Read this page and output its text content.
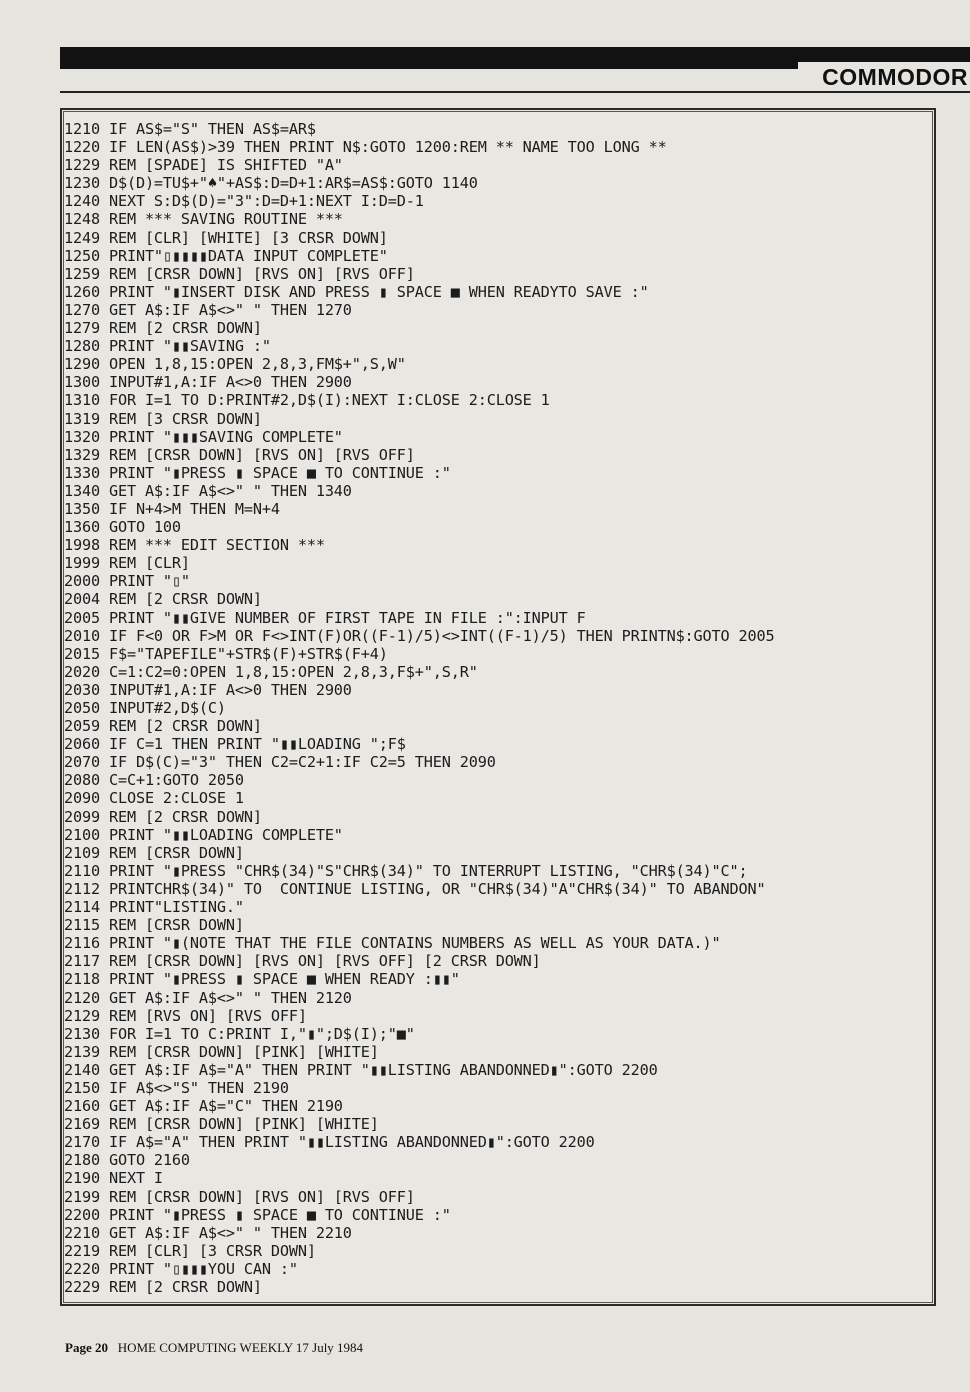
COMMODOR
1210 IF AS$="S" THEN AS$=AR$
1220 IF LEN(AS$)>39 THEN PRINT N$:GOTO 1200:REM ** NAME TOO LONG **
1229 REM [SPADE] IS SHIFTED "A"
1230 D$(D)=TU$+"♠"+AS$:D=D+1:AR$=AS$:GOTO 1140
1240 NEXT S:D$(D)="3":D=D+1:NEXT I:D=D-1
1248 REM *** SAVING ROUTINE ***
1249 REM [CLR] [WHITE] [3 CRSR DOWN]
1250 PRINT"▯▮▮▮▮DATA INPUT COMPLETE"
1259 REM [CRSR DOWN] [RVS ON] [RVS OFF]
1260 PRINT "▮INSERT DISK AND PRESS ▮ SPACE ■ WHEN READYTO SAVE :"
1270 GET A$:IF A$<>" " THEN 1270
1279 REM [2 CRSR DOWN]
1280 PRINT "▮▮SAVING :"
1290 OPEN 1,8,15:OPEN 2,8,3,FM$+",S,W"
1300 INPUT#1,A:IF A<>0 THEN 2900
1310 FOR I=1 TO D:PRINT#2,D$(I):NEXT I:CLOSE 2:CLOSE 1
1319 REM [3 CRSR DOWN]
1320 PRINT "▮▮▮SAVING COMPLETE"
1329 REM [CRSR DOWN] [RVS ON] [RVS OFF]
1330 PRINT "▮PRESS ▮ SPACE ■ TO CONTINUE :"
1340 GET A$:IF A$<>" " THEN 1340
1350 IF N+4>M THEN M=N+4
1360 GOTO 100
1998 REM *** EDIT SECTION ***
1999 REM [CLR]
2000 PRINT "▯"
2004 REM [2 CRSR DOWN]
2005 PRINT "▮▮GIVE NUMBER OF FIRST TAPE IN FILE :":INPUT F
2010 IF F<0 OR F>M OR F<>INT(F)OR((F-1)/5)<>INT((F-1)/5) THEN PRINTN$:GOTO 2005
2015 F$="TAPEFILE"+STR$(F)+STR$(F+4)
2020 C=1:C2=0:OPEN 1,8,15:OPEN 2,8,3,F$+",S,R"
2030 INPUT#1,A:IF A<>0 THEN 2900
2050 INPUT#2,D$(C)
2059 REM [2 CRSR DOWN]
2060 IF C=1 THEN PRINT "▮▮LOADING ";F$
2070 IF D$(C)="3" THEN C2=C2+1:IF C2=5 THEN 2090
2080 C=C+1:GOTO 2050
2090 CLOSE 2:CLOSE 1
2099 REM [2 CRSR DOWN]
2100 PRINT "▮▮LOADING COMPLETE"
2109 REM [CRSR DOWN]
2110 PRINT "▮PRESS "CHR$(34)"S"CHR$(34)" TO INTERRUPT LISTING, "CHR$(34)"C";
2112 PRINTCHR$(34)" TO  CONTINUE LISTING, OR "CHR$(34)"A"CHR$(34)" TO ABANDON"
2114 PRINT"LISTING."
2115 REM [CRSR DOWN]
2116 PRINT "▮(NOTE THAT THE FILE CONTAINS NUMBERS AS WELL AS YOUR DATA.)"
2117 REM [CRSR DOWN] [RVS ON] [RVS OFF] [2 CRSR DOWN]
2118 PRINT "▮PRESS ▮ SPACE ■ WHEN READY :▮▮"
2120 GET A$:IF A$<>" " THEN 2120
2129 REM [RVS ON] [RVS OFF]
2130 FOR I=1 TO C:PRINT I,"▮";D$(I);"■"
2139 REM [CRSR DOWN] [PINK] [WHITE]
2140 GET A$:IF A$="A" THEN PRINT "▮▮LISTING ABANDONNED▮":GOTO 2200
2150 IF A$<>"S" THEN 2190
2160 GET A$:IF A$="C" THEN 2190
2169 REM [CRSR DOWN] [PINK] [WHITE]
2170 IF A$="A" THEN PRINT "▮▮LISTING ABANDONNED▮":GOTO 2200
2180 GOTO 2160
2190 NEXT I
2199 REM [CRSR DOWN] [RVS ON] [RVS OFF]
2200 PRINT "▮PRESS ▮ SPACE ■ TO CONTINUE :"
2210 GET A$:IF A$<>" " THEN 2210
2219 REM [CLR] [3 CRSR DOWN]
2220 PRINT "▯▮▮▮YOU CAN :"
2229 REM [2 CRSR DOWN]
Page 20 HOME COMPUTING WEEKLY 17 July 1984
